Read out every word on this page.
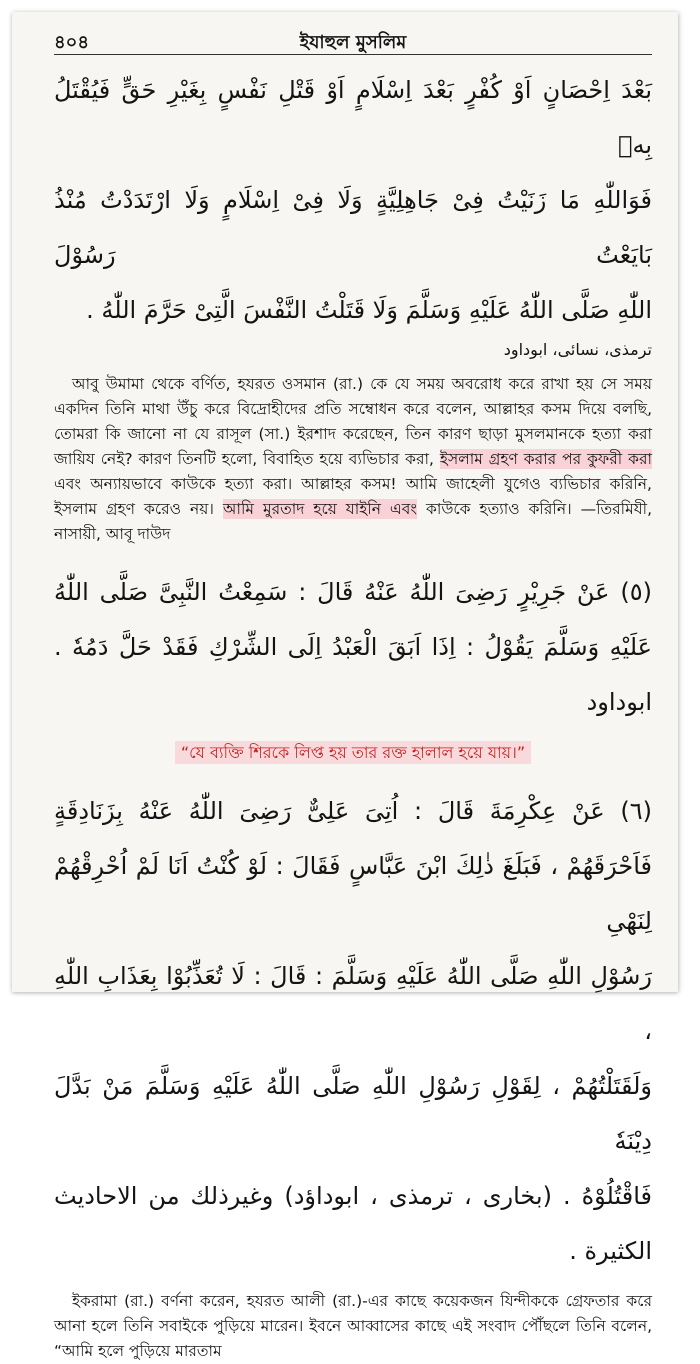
৪০৪	ইযাহুল মুসলিম

بَعْدَ اِحْصَانٍ اَوْ كُفْرٍ بَعْدَ اِسْلَامٍ اَوْ قَتْلِ نَفْسٍ بِغَيْرِ حَقٍّ فَيُقْتَلُ بِهٖ

فَوَاللّٰهِ مَا زَنَيْتُ فِىْ جَاهِلِيَّةٍ وَلَا فِىْ اِسْلَامٍ وَلَا ارْتَدَدْتُ مُنْذُ بَايَعْتُ رَسُوْلَ

اللّٰهِ صَلَّى اللّٰهُ عَلَيْهِ وَسَلَّمَ وَلَا قَتَلْتُ النَّفْسَ الَّتِىْ حَرَّمَ اللّٰهُ .

ترمذى، نسائى، ابوداود

আবু উমামা থেকে বর্ণিত, হযরত ওসমান (রা.) কে যে সময় অবরোধ করে রাখা হয় সে সময় একদিন তিনি মাথা উঁচু করে বিদ্রোহীদের প্রতি সম্বোধন করে বলেন, আল্লাহর কসম দিয়ে বলছি, তোমরা কি জানো না যে রাসূল (সা.) ইরশাদ করেছেন, তিন কারণ ছাড়া মুসলমানকে হত্যা করা জায়িয নেই? কারণ তিনটি হলো, বিবাহিত হয়ে ব্যভিচার করা, ইসলাম গ্রহণ করার পর কুফরী করা এবং অন্যায়ভাবে কাউকে হত্যা করা। আল্লাহর কসম! আমি জাহেলী যুগেও ব্যভিচার করিনি, ইসলাম গ্রহণ করেও নয়। আমি মুরতাদ হয়ে যাইনি এবং কাউকে হত্যাও করিনি। —তিরমিযী, নাসায়ী, আবূ দাউদ

(٥) عَنْ جَرِيْرٍ رَضِىَ اللّٰهُ عَنْهُ قَالَ : سَمِعْتُ النَّبِىَّ صَلَّى اللّٰهُ

عَلَيْهِ وَسَلَّمَ يَقُوْلُ : اِذَا اَبَقَ الْعَبْدُ اِلَى الشِّرْكِ فَقَدْ حَلَّ دَمُهٗ . ابوداود

“যে ব্যক্তি শিরকে লিপ্ত হয় তার রক্ত হালাল হয়ে যায়।”

(٦) عَنْ عِكْرِمَةَ قَالَ : اُتِىَ عَلِىٌّ رَضِىَ اللّٰهُ عَنْهُ بِزَنَادِقَةٍ

فَاَحْرَقَهُمْ ، فَبَلَغَ ذٰلِكَ ابْنَ عَبَّاسٍ فَقَالَ : لَوْ كُنْتُ اَنَا لَمْ اُحْرِقْهُمْ لِنَهْىِ

رَسُوْلِ اللّٰهِ صَلَّى اللّٰهُ عَلَيْهِ وَسَلَّمَ : قَالَ : لَا تُعَذِّبُوْا بِعَذَابِ اللّٰهِ ،

وَلَقَتَلْتُهُمْ ، لِقَوْلِ رَسُوْلِ اللّٰهِ صَلَّى اللّٰهُ عَلَيْهِ وَسَلَّمَ مَنْ بَدَّلَ دِيْنَهٗ

فَاقْتُلُوْهُ . (بخارى ، ترمذى ، ابوداؤد) وغيرذلك من الاحاديث الكثيرة .

ইকরামা (রা.) বর্ণনা করেন, হযরত আলী (রা.)-এর কাছে কয়েকজন যিন্দীককে গ্রেফতার করে আনা হলে তিনি সবাইকে পুড়িয়ে মারেন। ইবনে আব্বাসের কাছে এই সংবাদ পৌঁছলে তিনি বলেন, “আমি হলে পুড়িয়ে মারতাম
